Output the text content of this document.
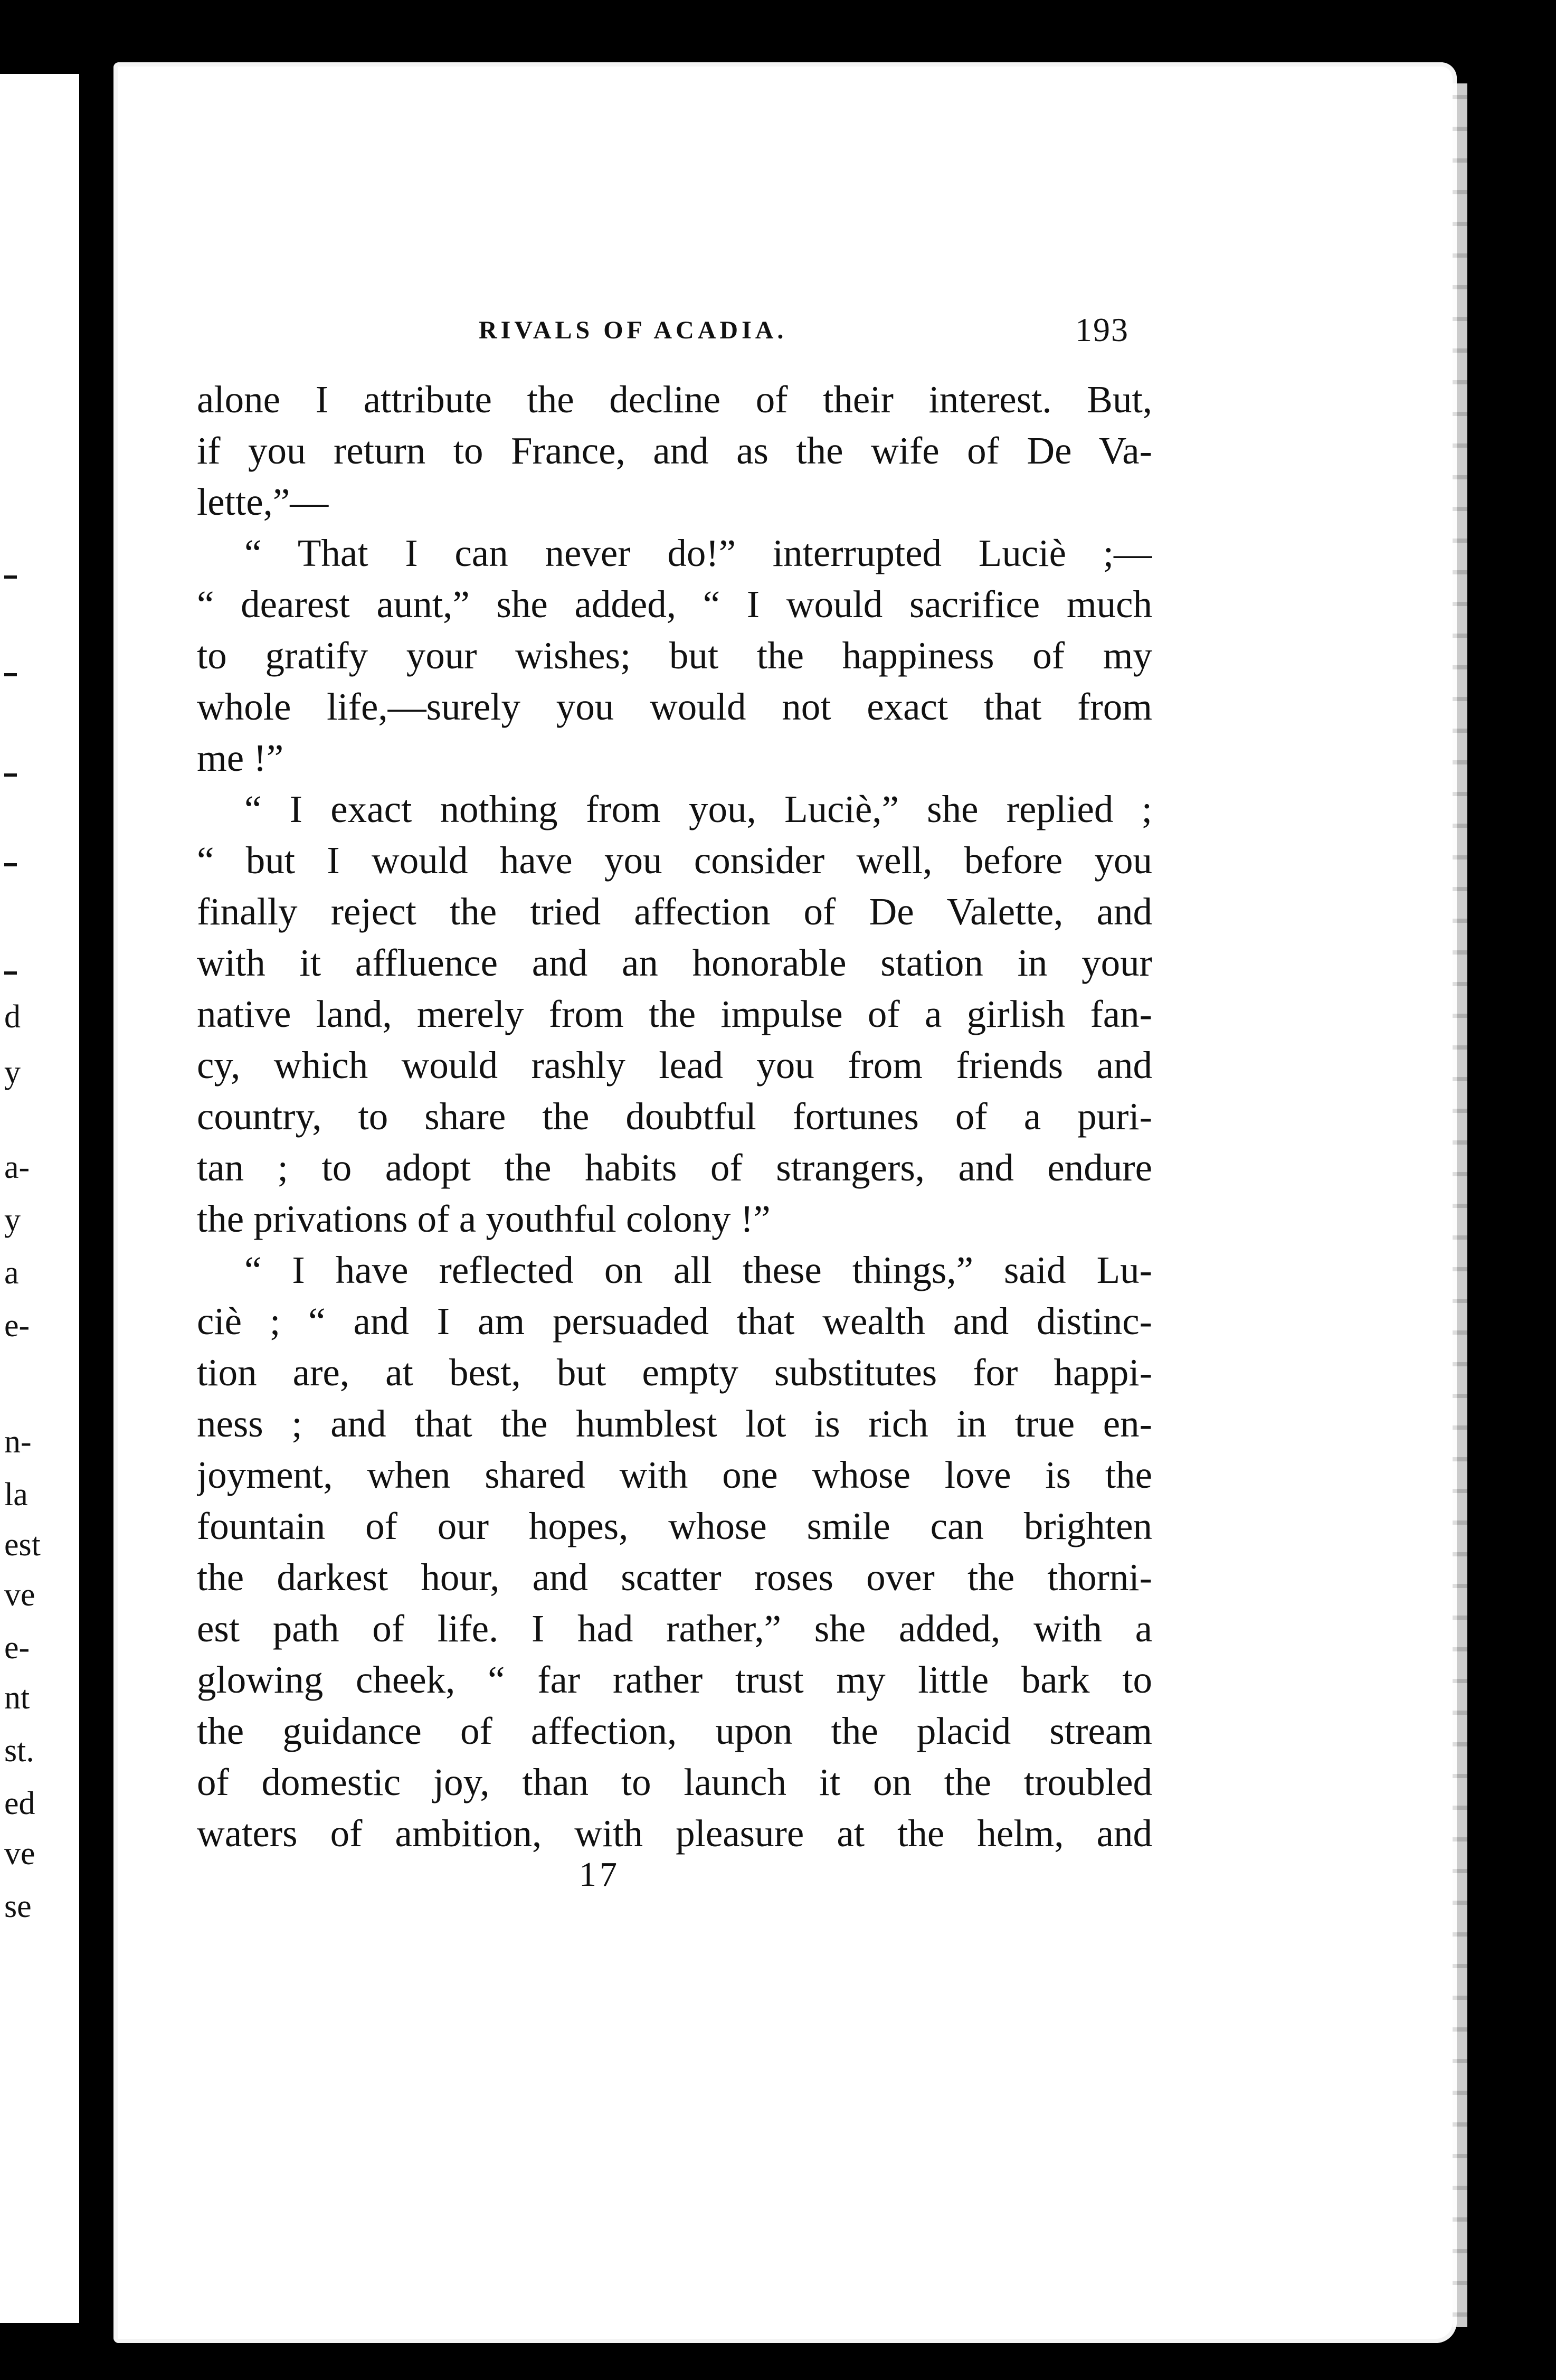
d
y
a-
y
a
e-
n-
la
est
ve
e-
nt
st.
ed
ve
se
RIVALS OF ACADIA.	193
alone I attribute the decline of their interest. But,
if you return to France, and as the wife of De Va-
lette,”—
“ That I can never do!” interrupted Luciè ;—
“ dearest aunt,” she added, “ I would sacrifice much
to gratify your wishes; but the happiness of my
whole life,—surely you would not exact that from
me !”
“ I exact nothing from you, Luciè,” she replied ;
“ but I would have you consider well, before you
finally reject the tried affection of De Valette, and
with it affluence and an honorable station in your
native land, merely from the impulse of a girlish fan-
cy, which would rashly lead you from friends and
country, to share the doubtful fortunes of a puri-
tan ; to adopt the habits of strangers, and endure
the privations of a youthful colony !”
“ I have reflected on all these things,” said Lu-
ciè ; “ and I am persuaded that wealth and distinc-
tion are, at best, but empty substitutes for happi-
ness ; and that the humblest lot is rich in true en-
joyment, when shared with one whose love is the
fountain of our hopes, whose smile can brighten
the darkest hour, and scatter roses over the thorni-
est path of life. I had rather,” she added, with a
glowing cheek, “ far rather trust my little bark to
the guidance of affection, upon the placid stream
of domestic joy, than to launch it on the troubled
waters of ambition, with pleasure at the helm, and
17
